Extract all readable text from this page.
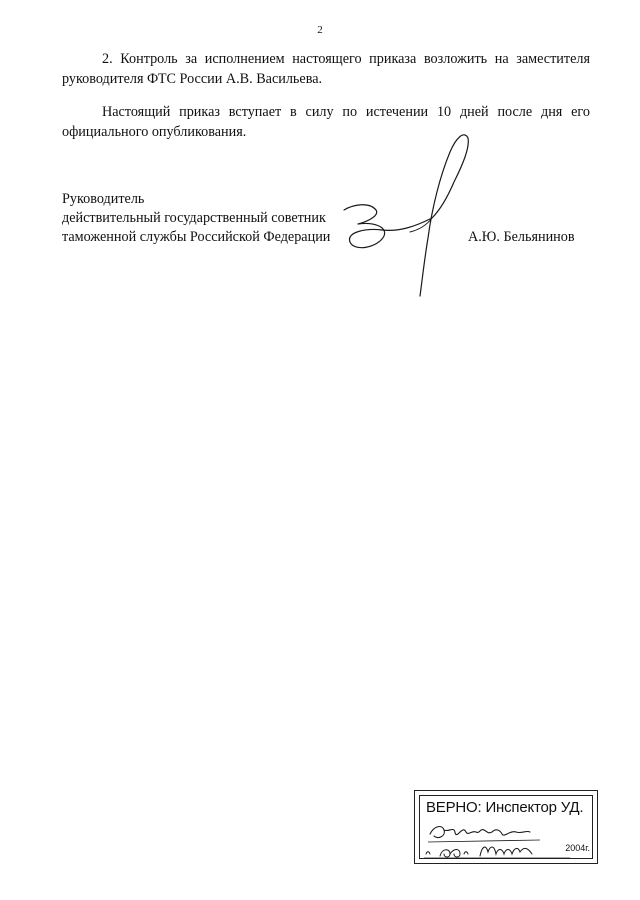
2
2. Контроль за исполнением настоящего приказа возложить на заместителя руководителя ФТС России А.В. Васильева.
Настоящий приказ вступает в силу по истечении 10 дней после дня его официального опубликования.
Руководитель
действительный государственный советник
таможенной службы Российской Федерации	А.Ю. Бельянинов
ВЕРНО: Инспектор УД.
2004г.
